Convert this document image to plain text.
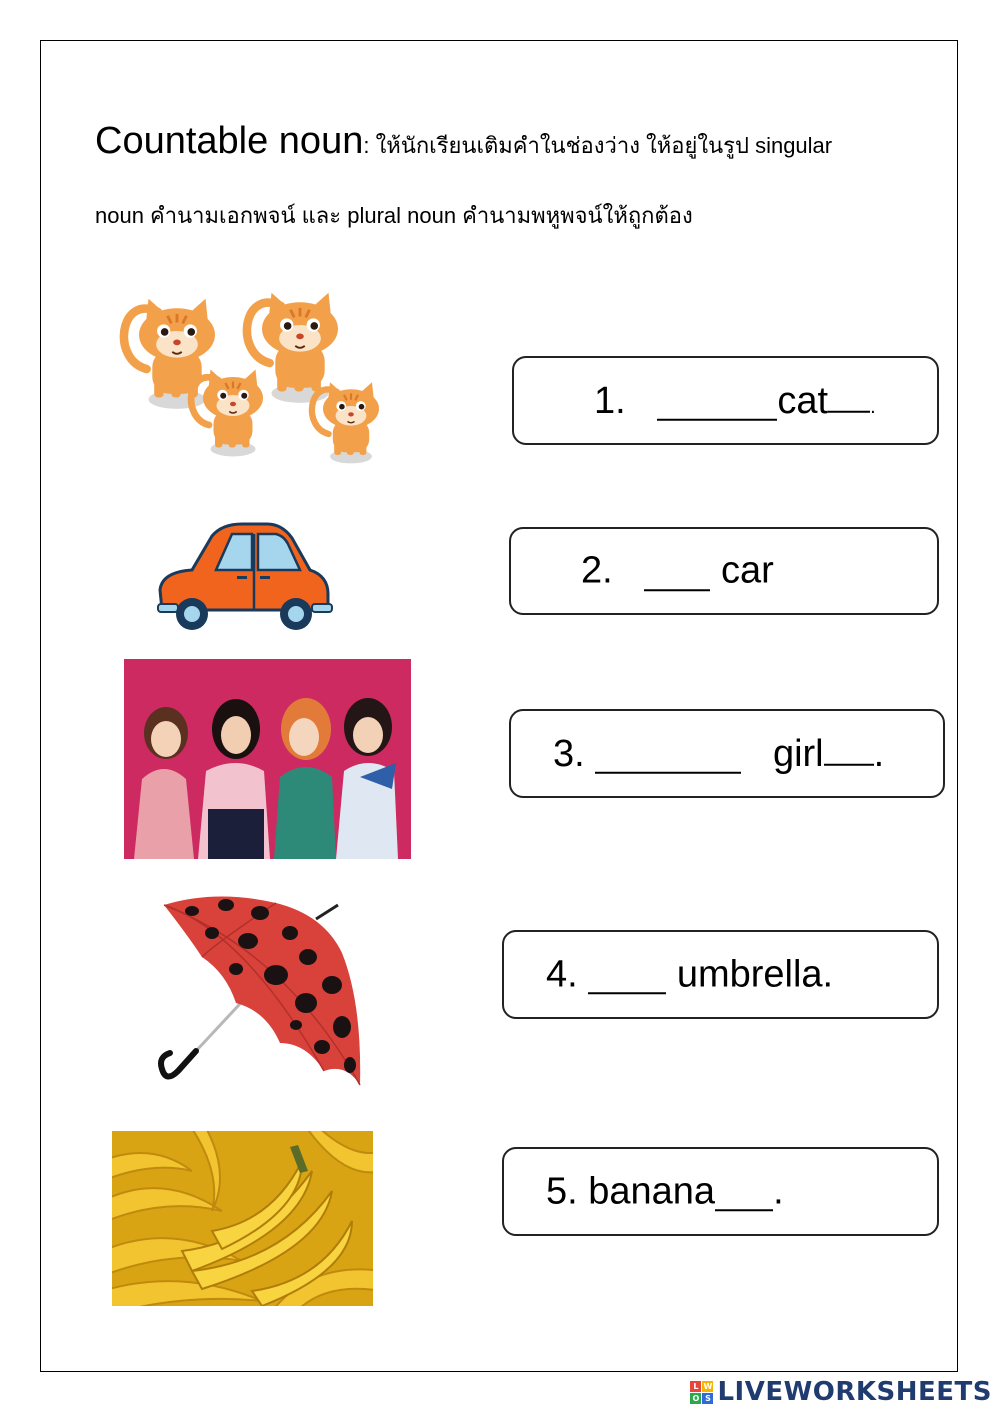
Countable noun: ให้นักเรียนเติมคำในช่องว่าง ให้อยู่ในรูป singular
noun คำนามเอกพจน์ และ plural noun คำนามพหูพจน์ให้ถูกต้อง
1.	cat .
2.	car
3.	girl .
4.	umbrella.
5. banana .
L W
O S LIVEWORKSHEETS
